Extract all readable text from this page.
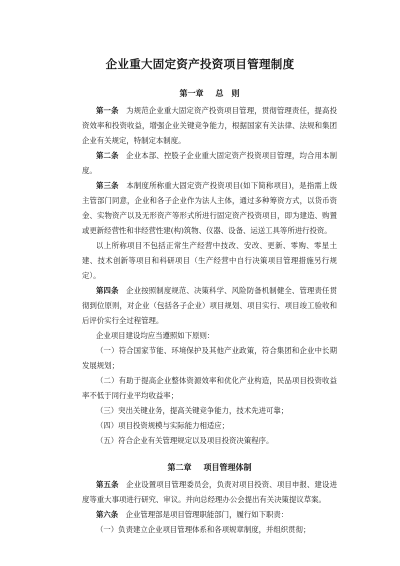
企业重大固定资产投资项目管理制度
第一章 总　则

第一条　 为规范企业重大固定资产投资项目管理，贯彻管理责任，提高投资效率和投资收益，增强企业关键竞争能力，根据国家有关法律、法规和集团企业有关规定，特制定本制度。

第二条　 企业本部、控股子企业重大固定资产投资项目管理，均合用本制度。

第三条　 本制度所称重大固定资产投资项目(如下简称项目)，是指需上级主管部门同意，企业和各子企业作为法人主体，通过多种筹资方式，以货币资金、实物资产以及无形资产等形式所进行固定资产投资项目，即为建造、购置或更新经营性和非经营性建(构)筑物、仪器、设备、运送工具等所进行投资。

以上所称项目不包括正常生产经营中技改、安改、更新、零购、零星土建、技术创新等项目和科研项目（生产经营中自行决策项目管理措施另行规定）。

第四条　 企业按照制度规范、决策科学、风险防备机制健全、管理责任贯彻到位原则，对企业（包括各子企业）项目规划、项目实行、项目竣工验收和后评价实行全过程管理。

企业项目建设均应当遵照如下原则：

（一）符合国家节能、环境保护及其他产业政策，符合集团和企业中长期发展规划；

（二）有助于提高企业整体资源效率和优化产业构造，民品项目投资收益率不低于同行业平均收益率；

（三）突出关键业务，提高关键竞争能力，技术先进可靠；

（四）项目投资规模与实际能力相适应；

（五）符合企业有关管理规定以及项目投资决策程序。

第二章 项目管理体制

第五条　 企业设置项目管理委员会，负责对项目投资、项目申报、建设进度等重大事项进行研究、审议。并向总经理办公会提出有关决策提议草案。

第六条　 企业管理部是项目管理职能部门，履行如下职责：

（一）负责建立企业项目管理体系和各项规章制度，并组织贯彻；
